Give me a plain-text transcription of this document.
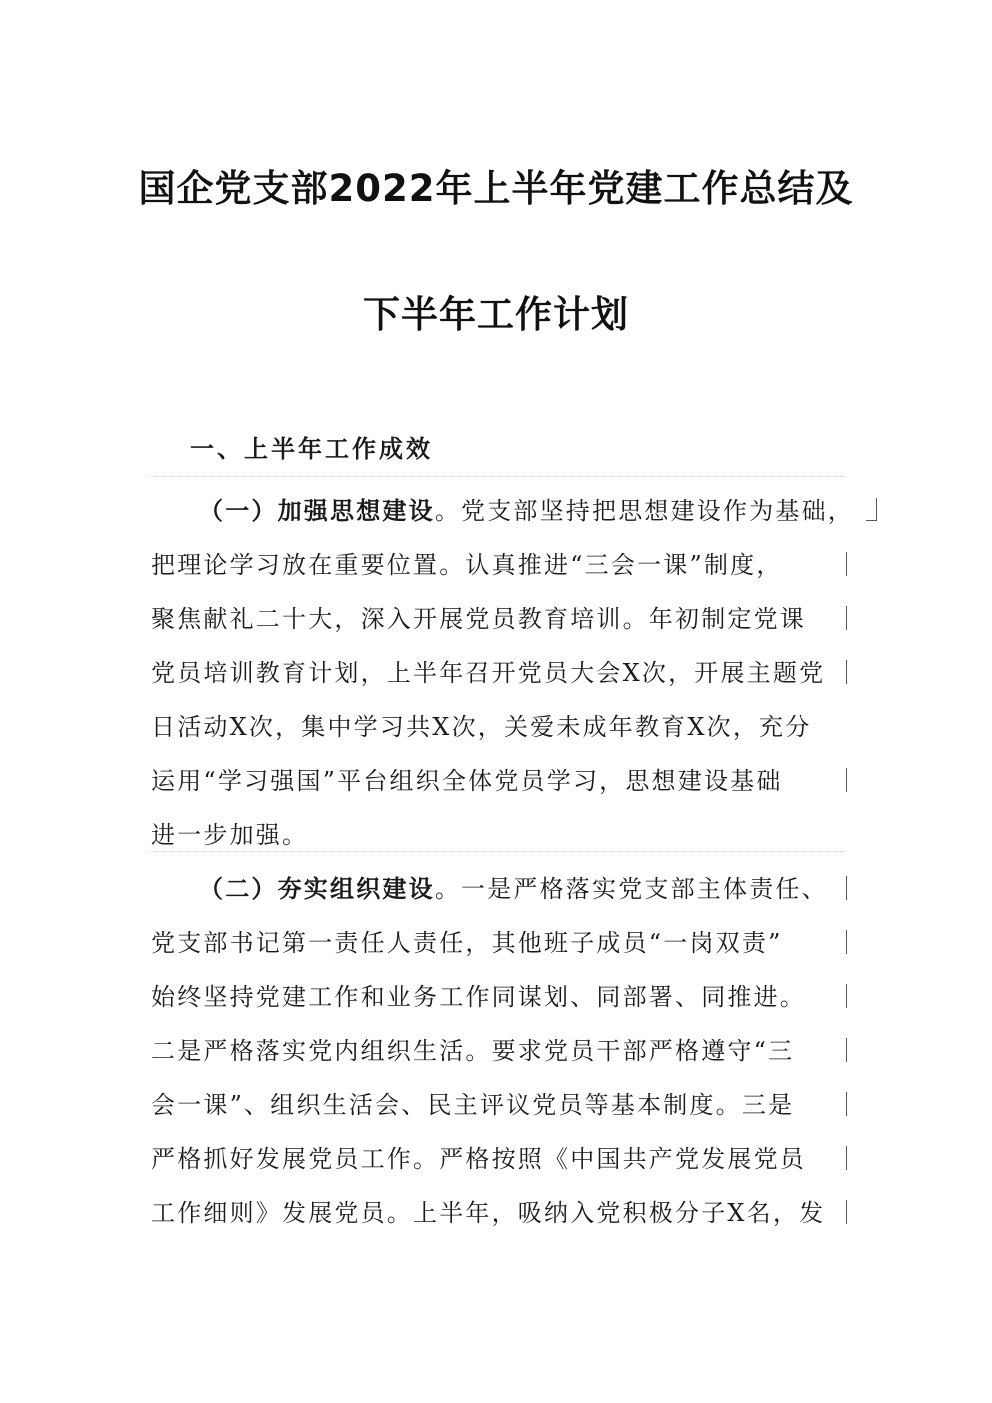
国企党支部2022年上半年党建工作总结及
下半年工作计划
一、上半年工作成效
（一）加强思想建设。党支部坚持把思想建设作为基础，
把理论学习放在重要位置。认真推进“三会一课”制度，
聚焦献礼二十大，深入开展党员教育培训。年初制定党课
党员培训教育计划，上半年召开党员大会X次，开展主题党
日活动X次，集中学习共X次，关爱未成年教育X次，充分
运用“学习强国”平台组织全体党员学习，思想建设基础
进一步加强。
（二）夯实组织建设。一是严格落实党支部主体责任、
党支部书记第一责任人责任，其他班子成员“一岗双责”
始终坚持党建工作和业务工作同谋划、同部署、同推进。
二是严格落实党内组织生活。要求党员干部严格遵守“三
会一课”、组织生活会、民主评议党员等基本制度。三是
严格抓好发展党员工作。严格按照《中国共产党发展党员
工作细则》发展党员。上半年，吸纳入党积极分子X名，发
